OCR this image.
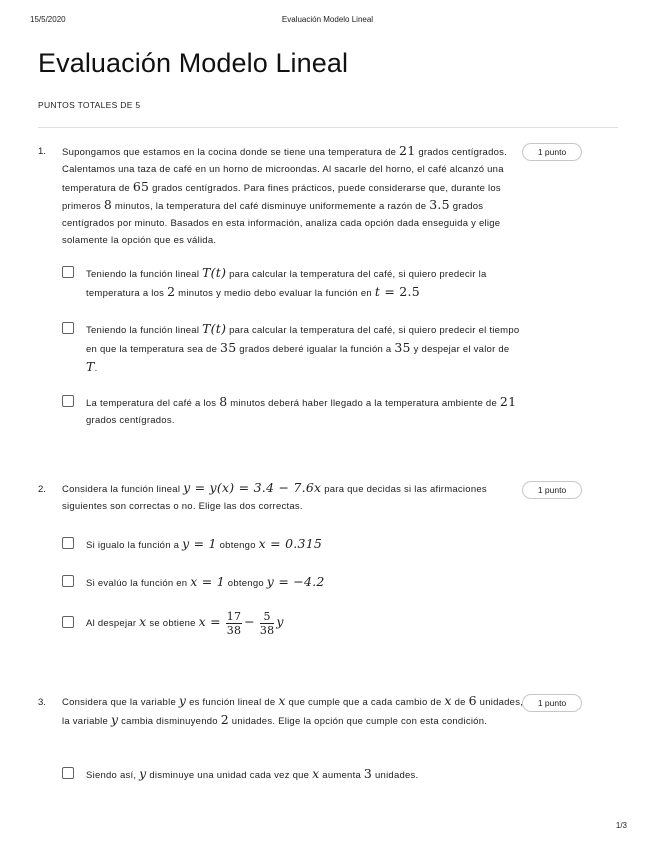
15/5/2020	Evaluación Modelo Lineal
Evaluación Modelo Lineal
PUNTOS TOTALES DE 5
1. Supongamos que estamos en la cocina donde se tiene una temperatura de 21 grados centígrados. Calentamos una taza de café en un horno de microondas. Al sacarle del horno, el café alcanzó una temperatura de 65 grados centígrados. Para fines prácticos, puede considerarse que, durante los primeros 8 minutos, la temperatura del café disminuye uniformemente a razón de 3.5 grados centígrados por minuto. Basados en esta información, analiza cada opción dada enseguida y elige solamente la opción que es válida.
1 punto
Teniendo la función lineal T(t) para calcular la temperatura del café, si quiero predecir la temperatura a los 2 minutos y medio debo evaluar la función en t = 2.5
Teniendo la función lineal T(t) para calcular la temperatura del café, si quiero predecir el tiempo en que la temperatura sea de 35 grados deberé igualar la función a 35 y despejar el valor de T.
La temperatura del café a los 8 minutos deberá haber llegado a la temperatura ambiente de 21 grados centígrados.
2. Considera la función lineal y = y(x) = 3.4 − 7.6x para que decidas si las afirmaciones siguientes son correctas o no. Elige las dos correctas.
1 punto
Si igualo la función a y = 1 obtengo x = 0.315
Si evalúo la función en x = 1 obtengo y = −4.2
Al despejar x se obtiene $x = \frac{17}{38} - \frac{5}{38}$ y
3. Considera que la variable y es función lineal de x que cumple que a cada cambio de x de 6 unidades, la variable y cambia disminuyendo 2 unidades. Elige la opción que cumple con esta condición.
1 punto
Siendo así, y disminuye una unidad cada vez que x aumenta 3 unidades.
1/3
